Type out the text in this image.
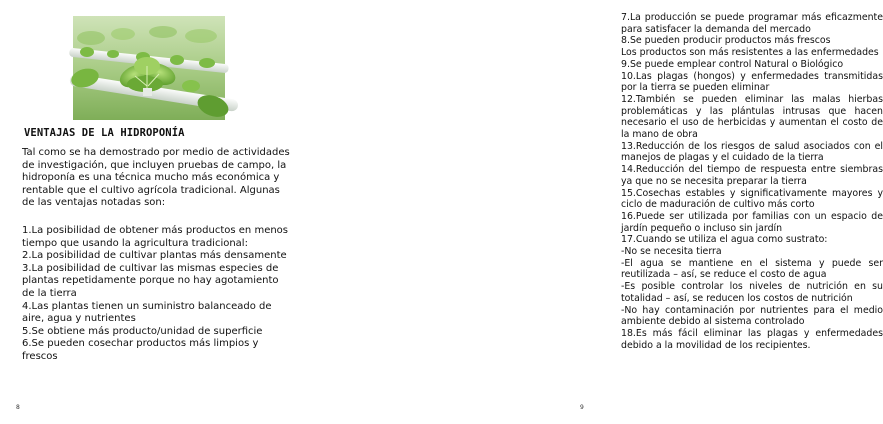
VENTAJAS DE LA HIDROPONÍA

Tal como se ha demostrado por medio de actividades de investigación, que incluyen pruebas de campo, la hidroponía es una técnica mucho más económica y rentable que el cultivo agrícola tradicional. Algunas de las ventajas notadas son:

1.La posibilidad de obtener más productos en menos tiempo que usando la agricultura tradicional:
2.La posibilidad de cultivar plantas más densamente
3.La posibilidad de cultivar las mismas especies de plantas repetidamente porque no hay agotamiento de la tierra
4.Las plantas tienen un suministro balanceado de aire, agua y nutrientes
5.Se obtiene más producto/unidad de superficie
6.Se pueden cosechar productos más limpios y frescos
8
7.La producción se puede programar más eficazmente para satisfacer la demanda del mercado
8.Se pueden producir productos más frescos
Los productos son más resistentes a las enfermedades
9.Se puede emplear control Natural o Biológico
10.Las plagas (hongos) y enfermedades transmitidas por la tierra se pueden eliminar
12.También se pueden eliminar las malas hierbas problemáticas y las plántulas intrusas que hacen necesario el uso de herbicidas y aumentan el costo de la mano de obra
13.Reducción de los riesgos de salud asociados con el manejos de plagas y el cuidado de la tierra
14.Reducción del tiempo de respuesta entre siembras ya que no se necesita preparar la tierra
15.Cosechas estables y significativamente mayores y ciclo de maduración de cultivo más corto
16.Puede ser utilizada por familias con un espacio de jardín pequeño o incluso sin jardín
17.Cuando se utiliza el agua como sustrato:
-No se necesita tierra
-El agua se mantiene en el sistema y puede ser reutilizada – así, se reduce el costo de agua
-Es posible controlar los niveles de nutrición en su totalidad – así, se reducen los costos de nutrición
-No hay contaminación por nutrientes para el medio ambiente debido al sistema controlado
18.Es más fácil eliminar las plagas y enfermedades debido a la movilidad de los recipientes.
9
